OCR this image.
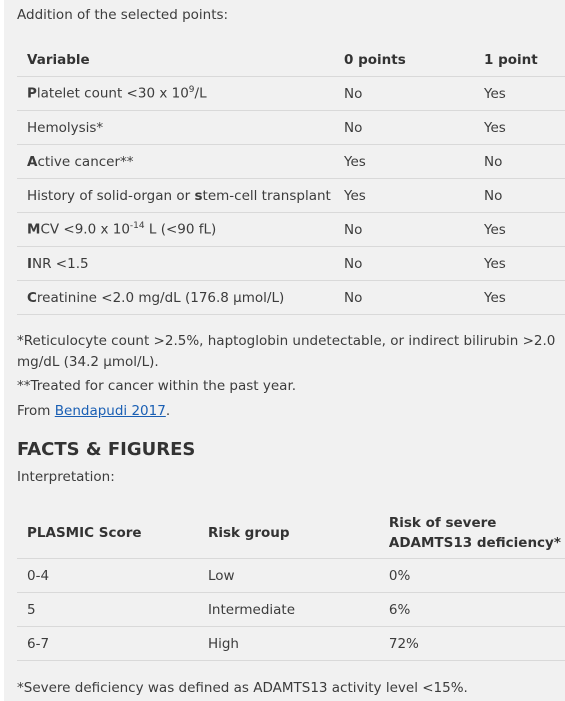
Addition of the selected points:
Variable	0 points	1 point
Platelet count <30 x $10^9/L$	No	Yes
Hemolysis*	No	Yes
Active cancer**	Yes	No
History of solid-organ or stem-cell transplant	Yes	No
MCV <9.0 x $10^{-14}$ L (<90 fL)	No	Yes
INR <1.5	No	Yes
Creatinine <2.0 mg/dL (176.8 μmol/L)	No	Yes
*Reticulocyte count >2.5%, haptoglobin undetectable, or indirect bilirubin >2.0 mg/dL (34.2 μmol/L).
**Treated for cancer within the past year.
From Bendapudi 2017.
FACTS & FIGURES
Interpretation:
PLASMIC Score	Risk group	Risk of severe ADAMTS13 deficiency*
0-4	Low	0%
5	Intermediate	6%
6-7	High	72%
*Severe deficiency was defined as ADAMTS13 activity level <15%.
